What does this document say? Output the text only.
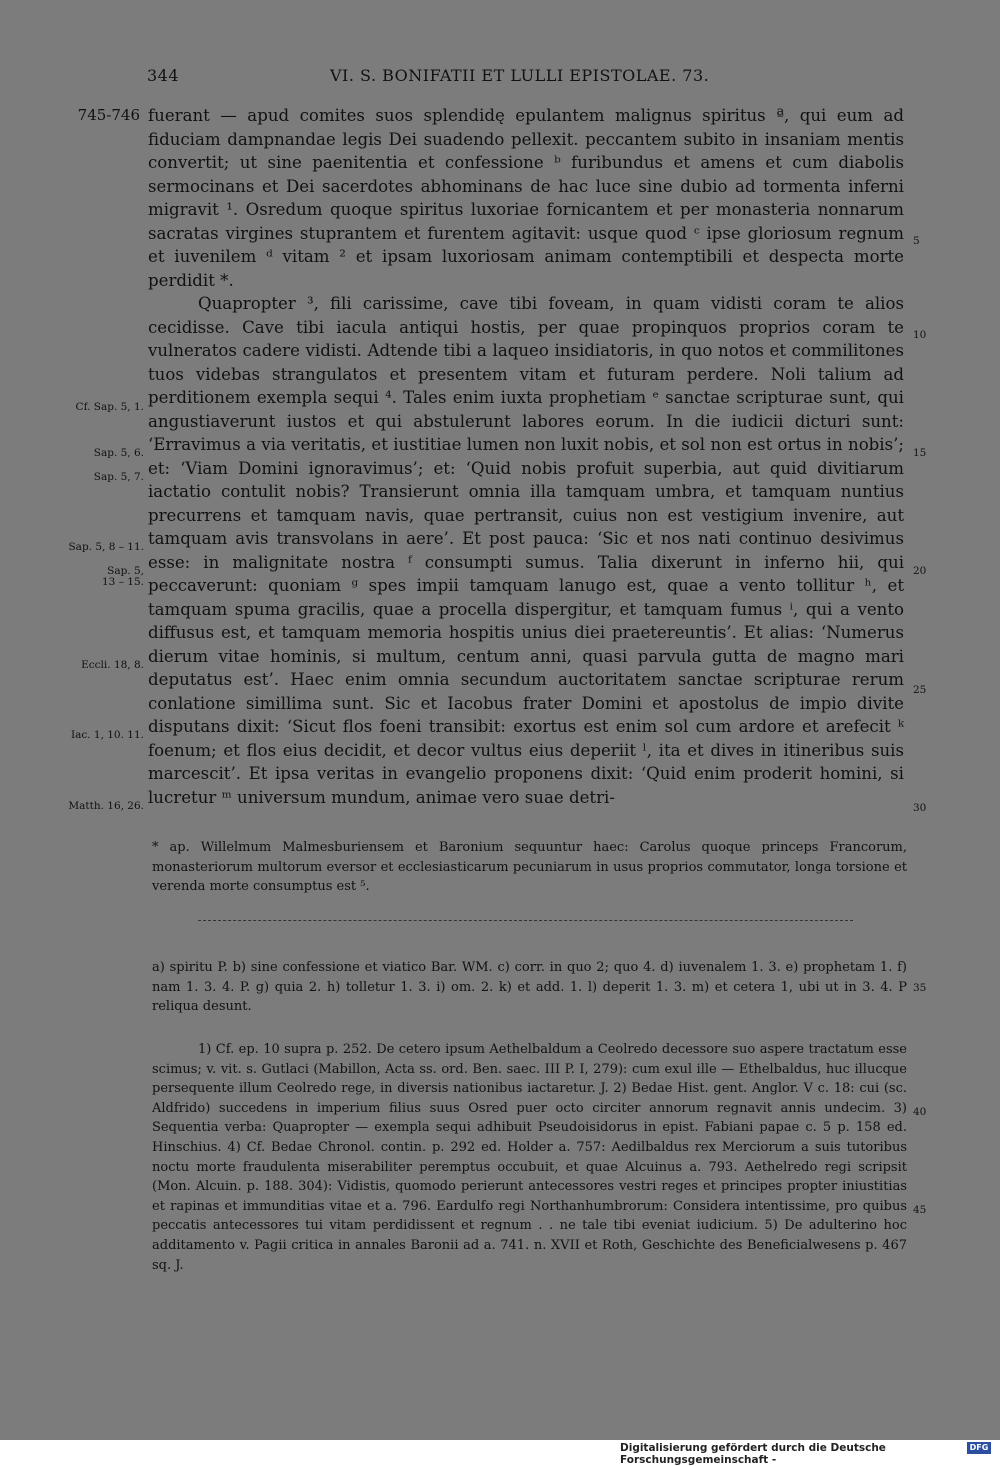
344	VI. S. BONIFATII ET LULLI EPISTOLAE. 73.
745-746 fuerant — apud comites suos splendidę epulantem malignus spiritus ª, qui eum ad fiduciam dampnandae legis Dei suadendo pellexit. peccantem subito in insaniam mentis convertit; ut sine paenitentia et confessione ᵇ furibundus et amens et cum diabolis sermocinans et Dei sacerdotes abhominans de hac luce sine dubio ad tormenta inferni migravit ¹. Osredum quoque spiritus luxoriae fornicantem et per monasteria nonnarum sacratas virgines stuprantem et furentem agitavit: usque quod ᶜ ipse gloriosum regnum et iuvenilem ᵈ vitam ² et ipsam luxoriosam animam contemptibili et despecta morte perdidit *.

Quapropter ³, fili carissime, cave tibi foveam, in quam vidisti coram te alios cecidisse. Cave tibi iacula antiqui hostis, per quae propinquos proprios coram te vulneratos cadere vidisti. Adtende tibi a laqueo insidiatoris, in quo notos et commilitones tuos videbas strangulatos et presentem vitam et futuram perdere. Noli talium ad perditionem exempla sequi ⁴. Tales enim iuxta prophetiam ᵉ sanctae scripturae sunt, qui angustiaverunt iustos et qui abstulerunt labores eorum. In die iudicii dicturi sunt: ‘Erravimus a via veritatis, et iustitiae lumen non luxit nobis, et sol non est ortus in nobis’; et: ‘Viam Domini ignoravimus’; et: ‘Quid nobis profuit superbia, aut quid divitiarum iactatio contulit nobis? Transierunt omnia illa tamquam umbra, et tamquam nuntius precurrens et tamquam navis, quae pertransit, cuius non est vestigium invenire, aut tamquam avis transvolans in aere’. Et post pauca: ‘Sic et nos nati continuo desivimus esse: in malignitate nostra ᶠ consumpti sumus. Talia dixerunt in inferno hii, qui peccaverunt: quoniam ᵍ spes impii tamquam lanugo est, quae a vento tollitur ʰ, et tamquam spuma gracilis, quae a procella dispergitur, et tamquam fumus ⁱ, qui a vento diffusus est, et tamquam memoria hospitis unius diei praetereuntis’. Et alias: ‘Numerus dierum vitae hominis, si multum, centum anni, quasi parvula gutta de magno mari deputatus est’. Haec enim omnia secundum auctoritatem sanctae scripturae rerum conlatione simillima sunt. Sic et Iacobus frater Domini et apostolus de impio divite disputans dixit: ‘Sicut flos foeni transibit: exortus est enim sol cum ardore et arefecit ᵏ foenum; et flos eius decidit, et decor vultus eius deperiit ˡ, ita et dives in itineribus suis marcescit’. Et ipsa veritas in evangelio proponens dixit: ‘Quid enim proderit homini, si lucretur ᵐ universum mundum, animae vero suae detri-

Cf. Sap. 5, 1.
Sap. 5, 6.
Sap. 5, 7.
Sap. 5, 8 – 11.
Sap. 5,
13 – 15.
Eccli. 18, 8.
Iac. 1, 10. 11.
Matth. 16, 26.
5
10
15
20
25
30
35
40
45

* ap. Willelmum Malmesburiensem et Baronium sequuntur haec: Carolus quoque princeps Francorum, monasteriorum multorum eversor et ecclesiasticarum pecuniarum in usus proprios commutator, longa torsione et verenda morte consumptus est ⁵.

a) spiritu P. b) sine confessione et viatico Bar. WM. c) corr. in quo 2; quo 4. d) iuvenalem 1. 3. e) prophetam 1. f) nam 1. 3. 4. P. g) quia 2. h) tolletur 1. 3. i) om. 2. k) et add. 1. l) deperit 1. 3. m) et cetera 1, ubi ut in 3. 4. P reliqua desunt.

1) Cf. ep. 10 supra p. 252. De cetero ipsum Aethelbaldum a Ceolredo decessore suo aspere tractatum esse scimus; v. vit. s. Gutlaci (Mabillon, Acta ss. ord. Ben. saec. III P. I, 279): cum exul ille — Ethelbaldus, huc illucque persequente illum Ceolredo rege, in diversis nationibus iactaretur. J. 2) Bedae Hist. gent. Anglor. V c. 18: cui (sc. Aldfrido) succedens in imperium filius suus Osred puer octo circiter annorum regnavit annis undecim. 3) Sequentia verba: Quapropter — exempla sequi adhibuit Pseudoisidorus in epist. Fabiani papae c. 5 p. 158 ed. Hinschius. 4) Cf. Bedae Chronol. contin. p. 292 ed. Holder a. 757: Aedilbaldus rex Merciorum a suis tutoribus noctu morte fraudulenta miserabiliter peremptus occubuit, et quae Alcuinus a. 793. Aethelredo regi scripsit (Mon. Alcuin. p. 188. 304): Vidistis, quomodo perierunt antecessores vestri reges et principes propter iniustitias et rapinas et immunditias vitae et a. 796. Eardulfo regi Northanhumbrorum: Considera intentissime, pro quibus peccatis antecessores tui vitam perdidissent et regnum . . ne tale tibi eveniat iudicium. 5) De adulterino hoc additamento v. Pagii critica in annales Baronii ad a. 741. n. XVII et Roth, Geschichte des Beneficialwesens p. 467 sq. J.

Digitalisierung gefördert durch die Deutsche Forschungsgemeinschaft -
DFG
